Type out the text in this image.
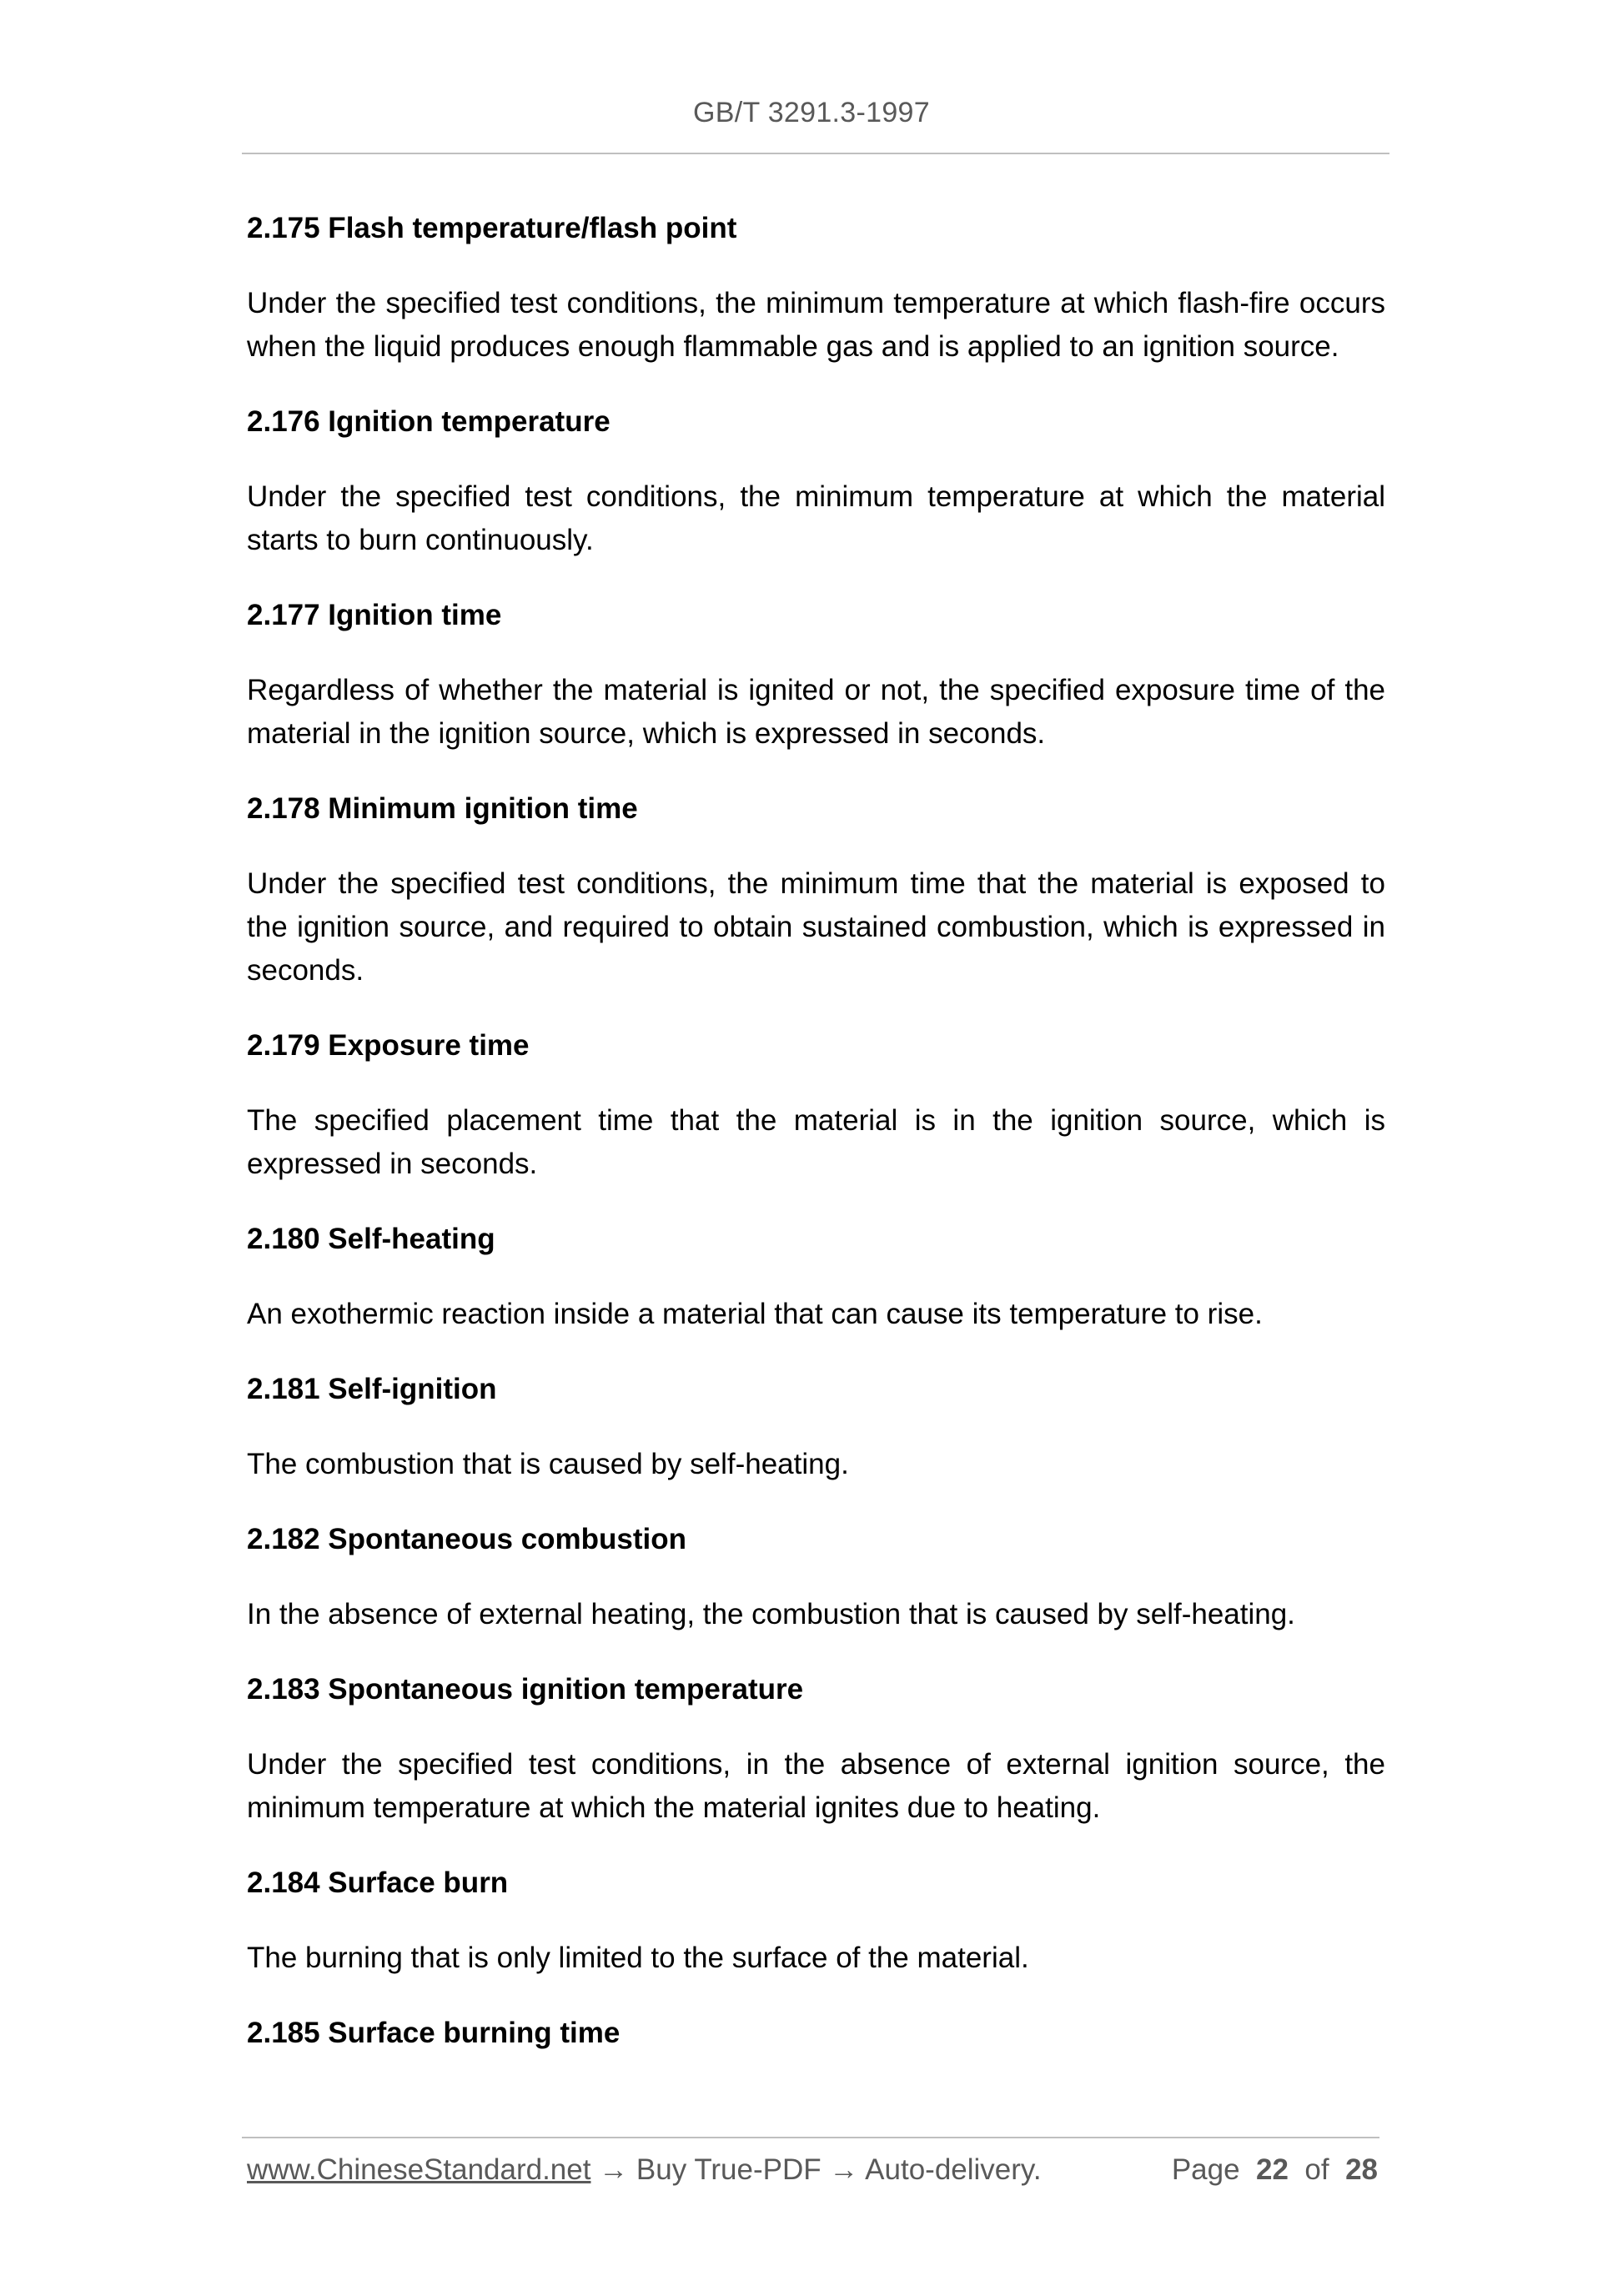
GB/T 3291.3-1997
2.175 Flash temperature/flash point
Under the specified test conditions, the minimum temperature at which flash-fire occurs when the liquid produces enough flammable gas and is applied to an ignition source.
2.176 Ignition temperature
Under the specified test conditions, the minimum temperature at which the material starts to burn continuously.
2.177 Ignition time
Regardless of whether the material is ignited or not, the specified exposure time of the material in the ignition source, which is expressed in seconds.
2.178 Minimum ignition time
Under the specified test conditions, the minimum time that the material is exposed to the ignition source, and required to obtain sustained combustion, which is expressed in seconds.
2.179 Exposure time
The specified placement time that the material is in the ignition source, which is expressed in seconds.
2.180 Self-heating
An exothermic reaction inside a material that can cause its temperature to rise.
2.181 Self-ignition
The combustion that is caused by self-heating.
2.182 Spontaneous combustion
In the absence of external heating, the combustion that is caused by self-heating.
2.183 Spontaneous ignition temperature
Under the specified test conditions, in the absence of external ignition source, the minimum temperature at which the material ignites due to heating.
2.184 Surface burn
The burning that is only limited to the surface of the material.
2.185 Surface burning time
www.ChineseStandard.net → Buy True-PDF → Auto-delivery.	Page 22 of 28
